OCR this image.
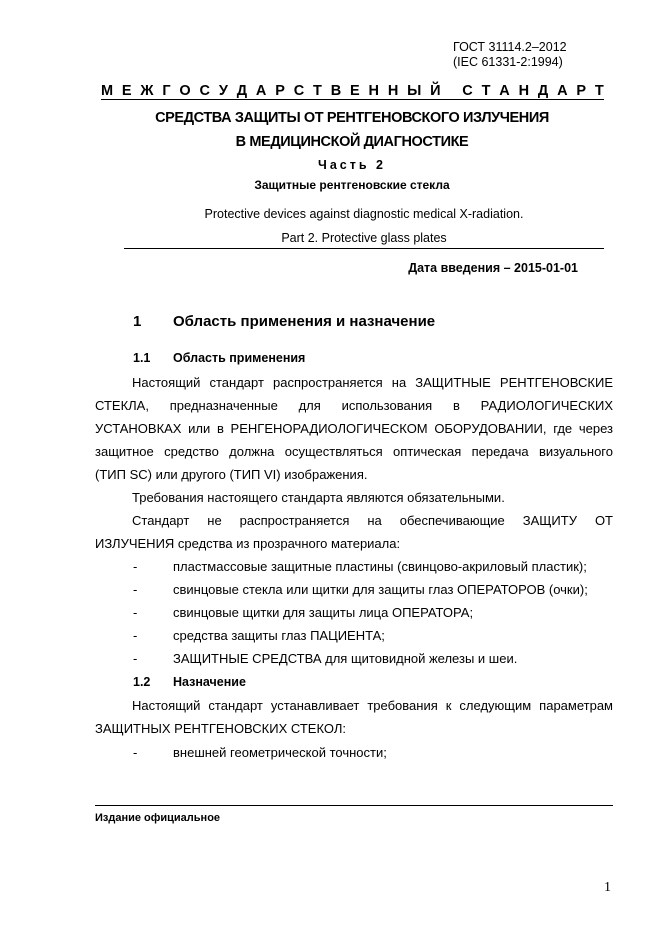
ГОСТ 31114.2–2012
(IEC 61331-2:1994)
М Е Ж Г О С У Д А Р С Т В Е Н Н Ы Й
С Т А Н Д А Р Т
СРЕДСТВА ЗАЩИТЫ ОТ РЕНТГЕНОВСКОГО ИЗЛУЧЕНИЯ
В МЕДИЦИНСКОЙ ДИАГНОСТИКЕ
Часть 2
Защитные рентгеновские стекла
Protective devices against diagnostic medical X-radiation.
Part 2. Protective glass plates
Дата введения – 2015-01-01
1 Область применения и назначение
1.1 Область применения
Настоящий стандарт распространяется на ЗАЩИТНЫЕ РЕНТГЕНОВСКИЕ
СТЕКЛА, предназначенные для использования в РАДИОЛОГИЧЕСКИХ
УСТАНОВКАХ или в РЕНГЕНОРАДИОЛОГИЧЕСКОМ ОБОРУДОВАНИИ, где через
защитное средство должна осуществляться оптическая передача визуального
(ТИП SC) или другого (ТИП VI) изображения.
Требования настоящего стандарта являются обязательными.
Стандарт не распространяется на обеспечивающие ЗАЩИТУ ОТ
ИЗЛУЧЕНИЯ средства из прозрачного материала:
-	пластмассовые защитные пластины (свинцово-акриловый пластик);
-	свинцовые стекла или щитки для защиты глаз ОПЕРАТОРОВ (очки);
-	свинцовые щитки для защиты лица ОПЕРАТОРА;
-	средства защиты глаз ПАЦИЕНТА;
-	ЗАЩИТНЫЕ СРЕДСТВА для щитовидной железы и шеи.
1.2 Назначение
Настоящий стандарт устанавливает требования к следующим параметрам
ЗАЩИТНЫХ РЕНТГЕНОВСКИХ СТЕКОЛ:
-	внешней геометрической точности;
Издание официальное
1
